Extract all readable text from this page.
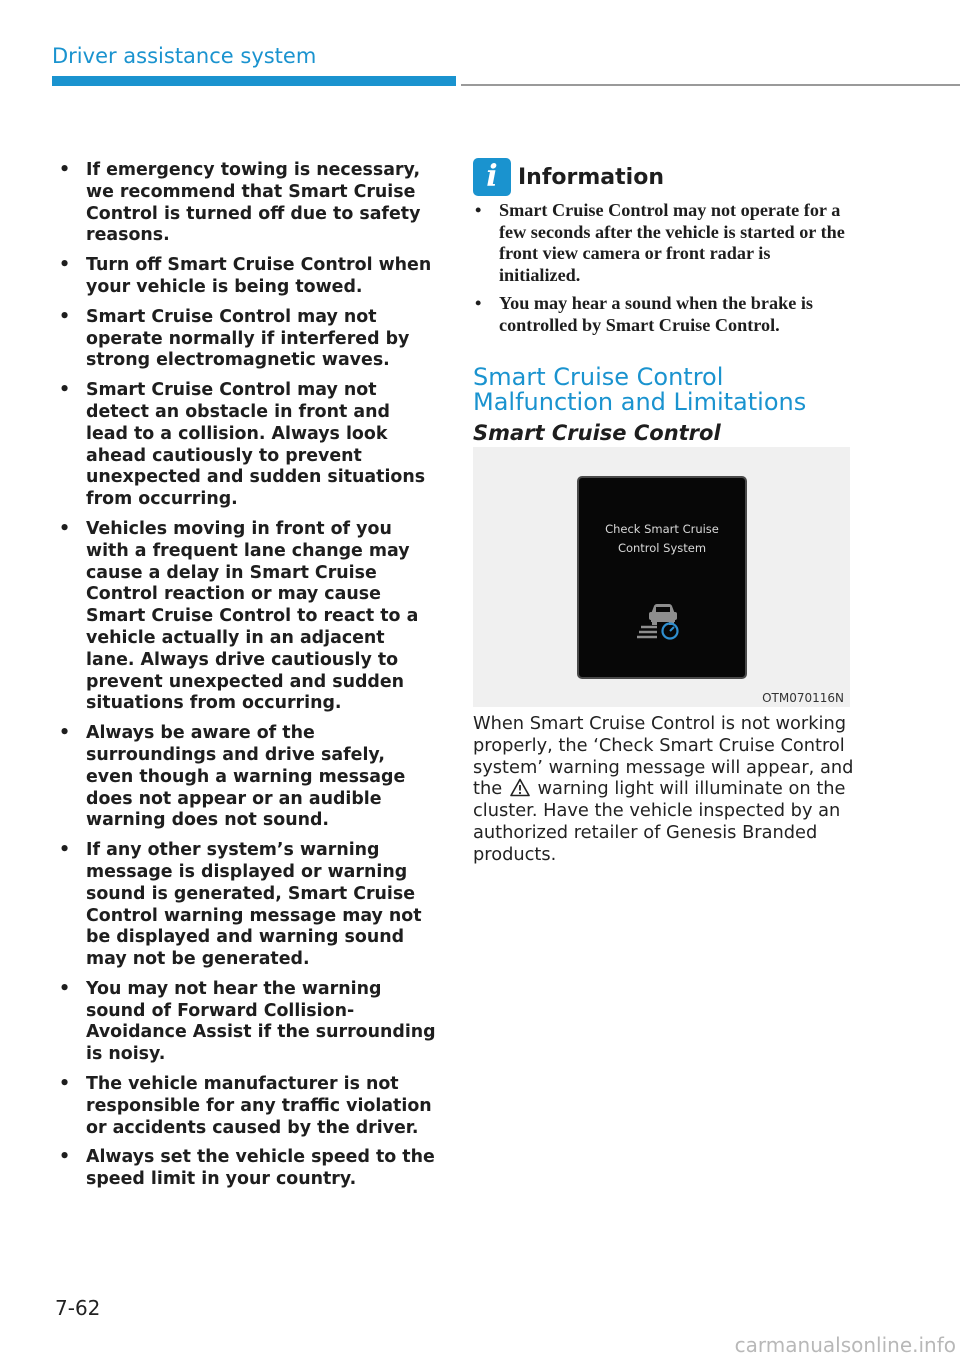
Driver assistance system
• If emergency towing is necessary, we recommend that Smart Cruise Control is turned off due to safety reasons.
• Turn off Smart Cruise Control when your vehicle is being towed.
• Smart Cruise Control may not operate normally if interfered by strong electromagnetic waves.
• Smart Cruise Control may not detect an obstacle in front and lead to a collision. Always look ahead cautiously to prevent unexpected and sudden situations from occurring.
• Vehicles moving in front of you with a frequent lane change may cause a delay in Smart Cruise Control reaction or may cause Smart Cruise Control to react to a vehicle actually in an adjacent lane. Always drive cautiously to prevent unexpected and sudden situations from occurring.
• Always be aware of the surroundings and drive safely, even though a warning message does not appear or an audible warning does not sound.
• If any other system’s warning message is displayed or warning sound is generated, Smart Cruise Control warning message may not be displayed and warning sound may not be generated.
• You may not hear the warning sound of Forward Collision-Avoidance Assist if the surrounding is noisy.
• The vehicle manufacturer is not responsible for any traffic violation or accidents caused by the driver.
• Always set the vehicle speed to the speed limit in your country.
i Information
• Smart Cruise Control may not operate for a few seconds after the vehicle is started or the front view camera or front radar is initialized.
• You may hear a sound when the brake is controlled by Smart Cruise Control.
Smart Cruise Control Malfunction and Limitations
Smart Cruise Control
Check Smart Cruise
Control System
OTM070116N
When Smart Cruise Control is not working properly, the ‘Check Smart Cruise Control system’ warning message will appear, and the warning light will illuminate on the cluster. Have the vehicle inspected by an authorized retailer of Genesis Branded products.
7-62
carmanualsonline.info
